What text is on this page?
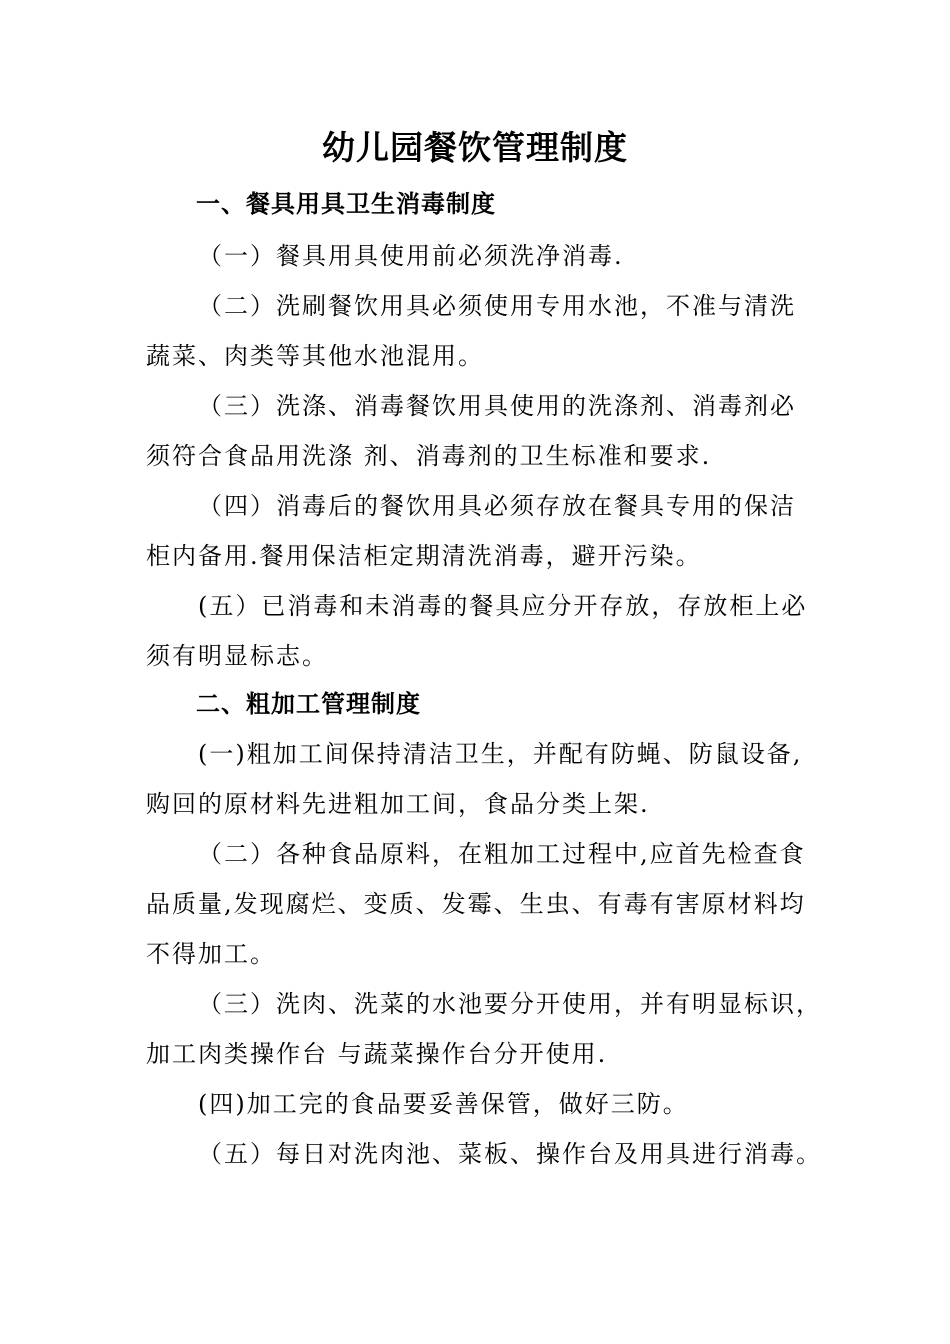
幼儿园餐饮管理制度
一、餐具用具卫生消毒制度
（一）餐具用具使用前必须洗净消毒.
（二）洗刷餐饮用具必须使用专用水池，不准与清洗
蔬菜、肉类等其他水池混用。
（三）洗涤、消毒餐饮用具使用的洗涤剂、消毒剂必
须符合食品用洗涤 剂、消毒剂的卫生标准和要求.
（四）消毒后的餐饮用具必须存放在餐具专用的保洁
柜内备用.餐用保洁柜定期清洗消毒，避开污染。
(五）已消毒和未消毒的餐具应分开存放，存放柜上必
须有明显标志。
二、粗加工管理制度
(一)粗加工间保持清洁卫生，并配有防蝇、防鼠设备,
购回的原材料先进粗加工间，食品分类上架.
（二）各种食品原料，在粗加工过程中,应首先检查食
品质量,发现腐烂、变质、发霉、生虫、有毒有害原材料均
不得加工。
（三）洗肉、洗菜的水池要分开使用，并有明显标识，
加工肉类操作台 与蔬菜操作台分开使用.
(四)加工完的食品要妥善保管，做好三防。
（五）每日对洗肉池、菜板、操作台及用具进行消毒。
